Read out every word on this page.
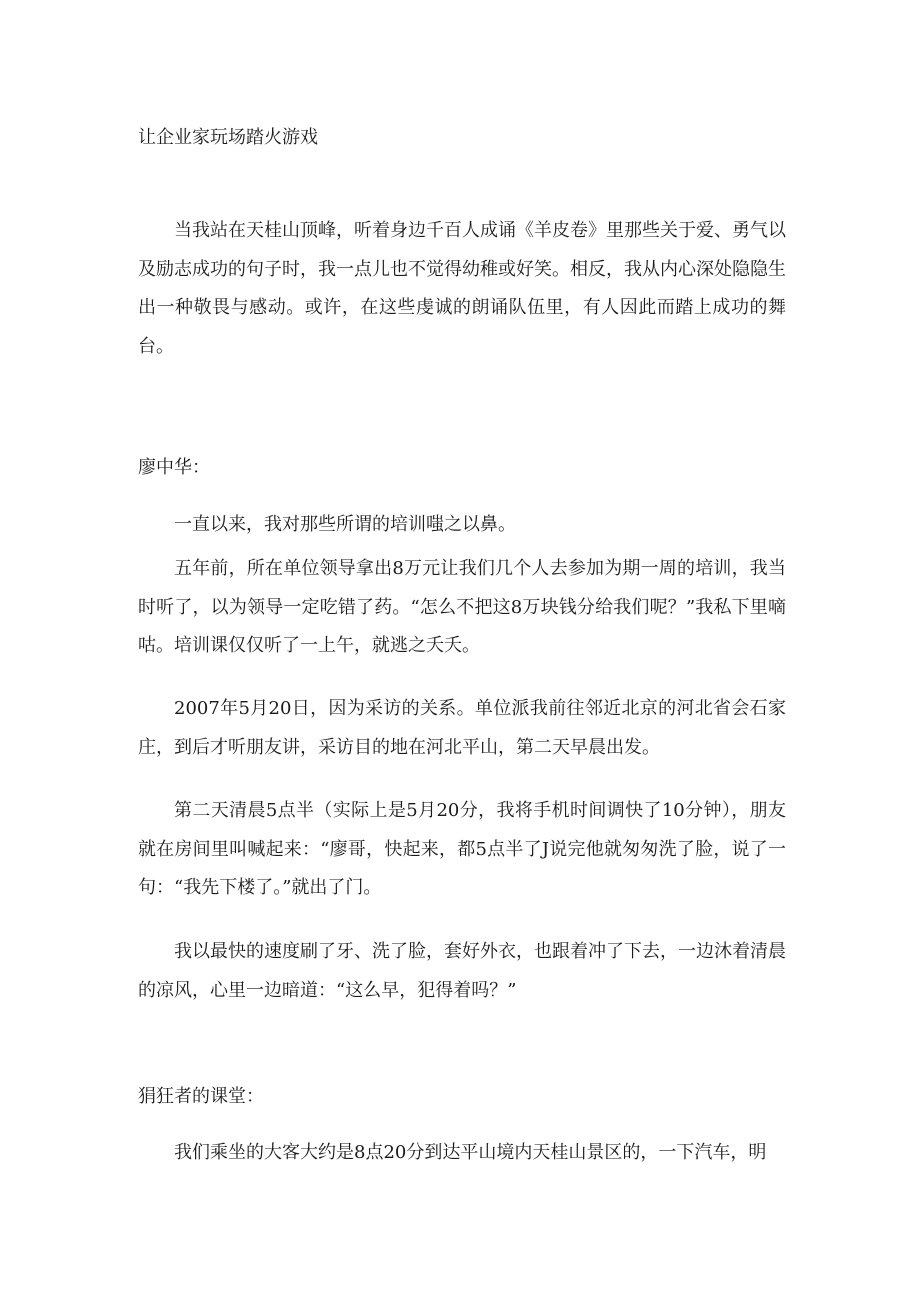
让企业家玩场踏火游戏
当我站在天桂山顶峰，听着身边千百人成诵《羊皮卷》里那些关于爱、勇气以及励志成功的句子时，我一点儿也不觉得幼稚或好笑。相反，我从内心深处隐隐生出一种敬畏与感动。或许，在这些虔诚的朗诵队伍里，有人因此而踏上成功的舞台。
廖中华：
一直以来，我对那些所谓的培训嗤之以鼻。
五年前，所在单位领导拿出8万元让我们几个人去参加为期一周的培训，我当时听了，以为领导一定吃错了药。“怎么不把这8万块钱分给我们呢？”我私下里嘀咕。培训课仅仅听了一上午，就逃之夭夭。
2007年5月20日，因为采访的关系。单位派我前往邻近北京的河北省会石家庄，到后才听朋友讲，采访目的地在河北平山，第二天早晨出发。
第二天清晨5点半（实际上是5月20分，我将手机时间调快了10分钟），朋友就在房间里叫喊起来：“廖哥，快起来，都5点半了J说完他就匆匆洗了脸，说了一句：“我先下楼了。”就出了门。
我以最快的速度刷了牙、洗了脸，套好外衣，也跟着冲了下去，一边沐着清晨的凉风，心里一边暗道：“这么早，犯得着吗？”
狷狂者的课堂：
我们乘坐的大客大约是8点20分到达平山境内天桂山景区的，一下汽车，明
